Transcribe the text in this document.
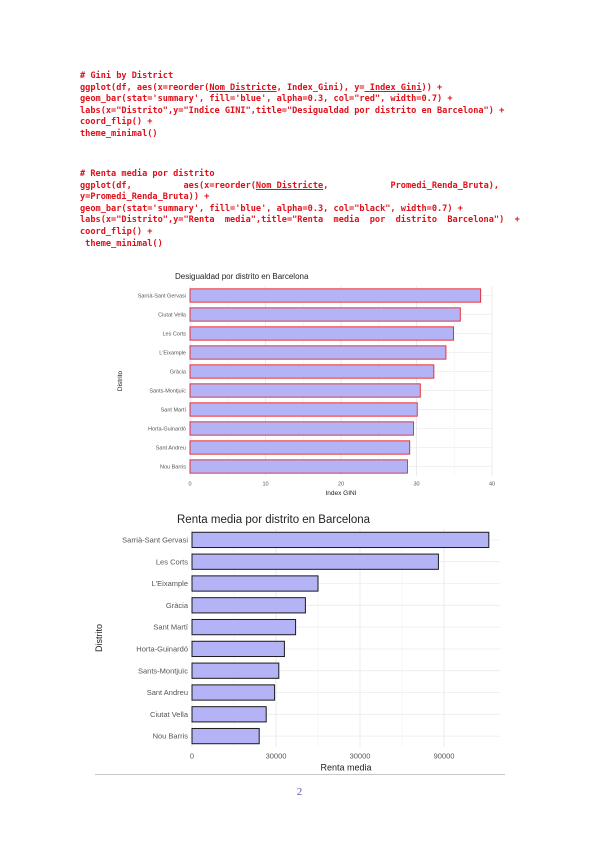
# Gini by District
ggplot(df, aes(x=reorder(Nom_Districte, Index_Gini), y=_Index_Gini)) +
geom_bar(stat='summary', fill='blue', alpha=0.3, col="red", width=0.7) +
labs(x="Distrito",y="Indice GINI",title="Desigualdad por distrito en Barcelona") +
coord_flip() +
theme_minimal()
# Renta media por distrito
ggplot(df,          aes(x=reorder(Nom_Districte,            Promedi_Renda_Bruta),
y=Promedi_Renda_Bruta)) +
geom_bar(stat='summary', fill='blue', alpha=0.3, col="black", width=0.7) +
labs(x="Distrito",y="Renta  media",title="Renta  media  por  distrito  Barcelona")  +
coord_flip() +
theme_minimal()
Desigualdad por distrito en Barcelona
Sarrià-Sant Gervasi
Ciutat Vella
Les Corts
L'Eixample
Gràcia
Sants-Montjuïc
Sant Martí
Horta-Guinardó
Sant Andreu
Nou Barris
0	10	20	30	40
Index GINI
Distrito
Renta media por distrito en Barcelona
Sarrià-Sant Gervasi
Les Corts
L'Eixample
Gràcia
Sant Martí
Horta-Guinardó
Sants-Montjuïc
Sant Andreu
Ciutat Vella
Nou Barris
0	30000	30000	90000
Renta media
Distrito
2
